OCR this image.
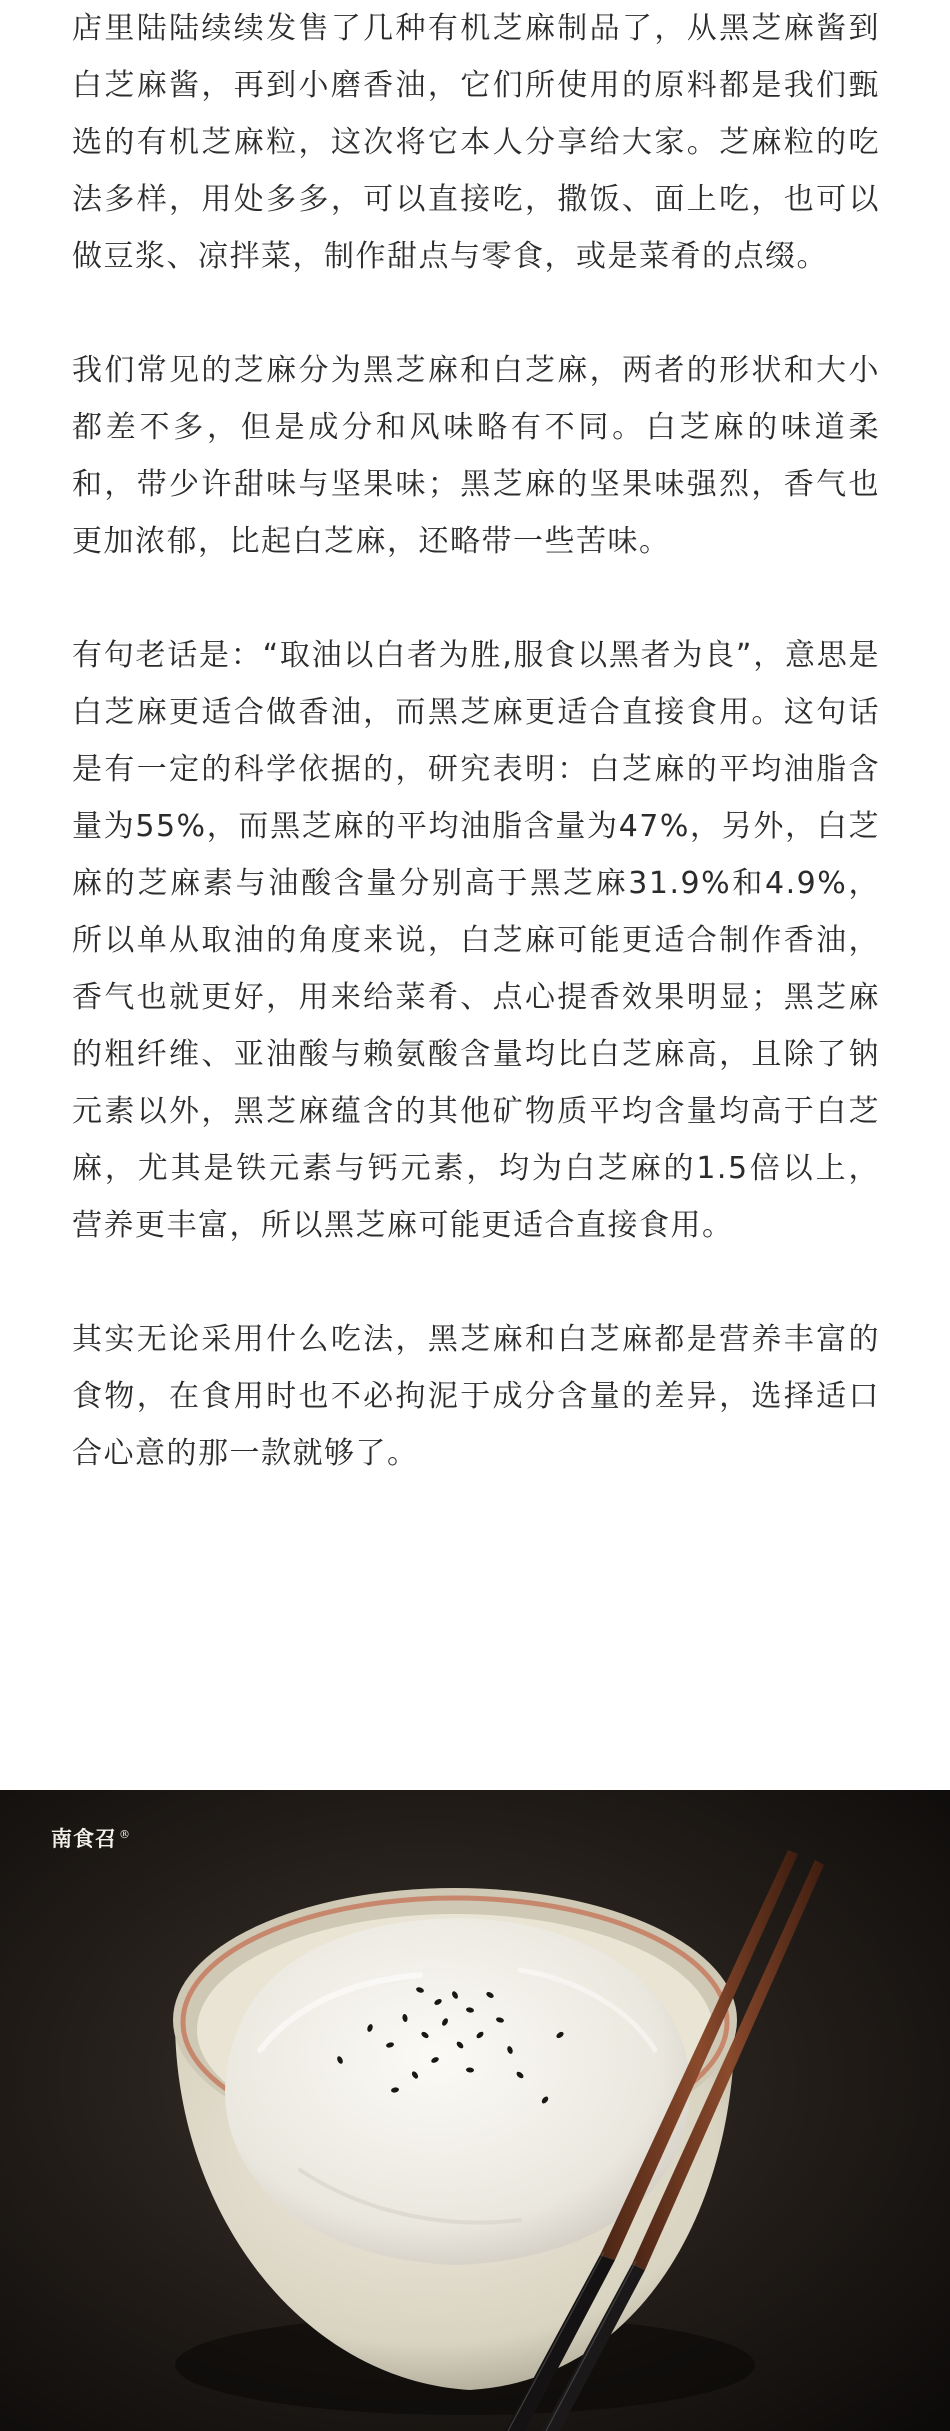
店里陆陆续续发售了几种有机芝麻制品了，从黑芝麻酱到白芝麻酱，再到小磨香油，它们所使用的原料都是我们甄选的有机芝麻粒，这次将它本人分享给大家。芝麻粒的吃法多样，用处多多，可以直接吃，撒饭、面上吃，也可以做豆浆、凉拌菜，制作甜点与零食，或是菜肴的点缀。

我们常见的芝麻分为黑芝麻和白芝麻，两者的形状和大小都差不多，但是成分和风味略有不同。白芝麻的味道柔和，带少许甜味与坚果味；黑芝麻的坚果味强烈，香气也更加浓郁，比起白芝麻，还略带一些苦味。

有句老话是：“取油以白者为胜,服食以黑者为良”，意思是白芝麻更适合做香油，而黑芝麻更适合直接食用。这句话是有一定的科学依据的，研究表明：白芝麻的平均油脂含量为55%，而黑芝麻的平均油脂含量为47%，另外，白芝麻的芝麻素与油酸含量分别高于黑芝麻31.9%和4.9%，所以单从取油的角度来说，白芝麻可能更适合制作香油，香气也就更好，用来给菜肴、点心提香效果明显；黑芝麻的粗纤维、亚油酸与赖氨酸含量均比白芝麻高，且除了钠元素以外，黑芝麻蕴含的其他矿物质平均含量均高于白芝麻，尤其是铁元素与钙元素，均为白芝麻的1.5倍以上，营养更丰富，所以黑芝麻可能更适合直接食用。

其实无论采用什么吃法，黑芝麻和白芝麻都是营养丰富的食物，在食用时也不必拘泥于成分含量的差异，选择适口合心意的那一款就够了。

南食召 ®
